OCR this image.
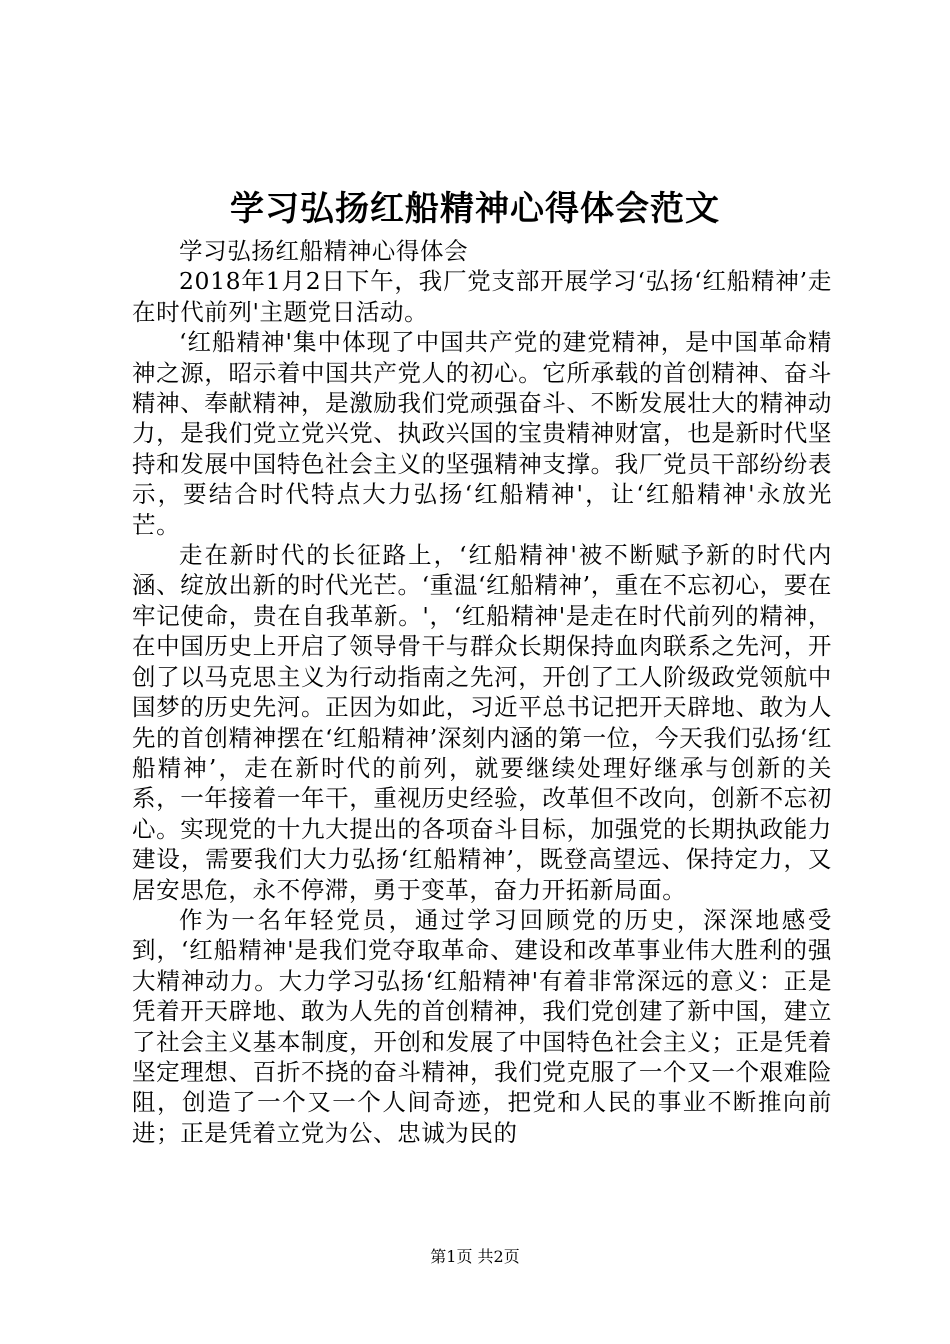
学习弘扬红船精神心得体会范文

学习弘扬红船精神心得体会

2018年1月2日下午，我厂党支部开展学习‘弘扬‘红船精神’走在时代前列'主题党日活动。

‘红船精神'集中体现了中国共产党的建党精神，是中国革命精神之源，昭示着中国共产党人的初心。它所承载的首创精神、奋斗精神、奉献精神，是激励我们党顽强奋斗、不断发展壮大的精神动力，是我们党立党兴党、执政兴国的宝贵精神财富，也是新时代坚持和发展中国特色社会主义的坚强精神支撑。我厂党员干部纷纷表示，要结合时代特点大力弘扬‘红船精神'，让‘红船精神'永放光芒。

走在新时代的长征路上，‘红船精神'被不断赋予新的时代内涵、绽放出新的时代光芒。‘重温‘红船精神’，重在不忘初心，要在牢记使命，贵在自我革新。'，‘红船精神'是走在时代前列的精神，在中国历史上开启了领导骨干与群众长期保持血肉联系之先河，开创了以马克思主义为行动指南之先河，开创了工人阶级政党领航中国梦的历史先河。正因为如此，习近平总书记把开天辟地、敢为人先的首创精神摆在‘红船精神’深刻内涵的第一位，今天我们弘扬‘红船精神’，走在新时代的前列，就要继续处理好继承与创新的关系，一年接着一年干，重视历史经验，改革但不改向，创新不忘初心。实现党的十九大提出的各项奋斗目标，加强党的长期执政能力建设，需要我们大力弘扬‘红船精神’，既登高望远、保持定力，又居安思危，永不停滞，勇于变革，奋力开拓新局面。

作为一名年轻党员，通过学习回顾党的历史，深深地感受到，‘红船精神'是我们党夺取革命、建设和改革事业伟大胜利的强大精神动力。大力学习弘扬‘红船精神'有着非常深远的意义：正是凭着开天辟地、敢为人先的首创精神，我们党创建了新中国，建立了社会主义基本制度，开创和发展了中国特色社会主义；正是凭着坚定理想、百折不挠的奋斗精神，我们党克服了一个又一个艰难险阻，创造了一个又一个人间奇迹，把党和人民的事业不断推向前进；正是凭着立党为公、忠诚为民的

第1页 共2页
